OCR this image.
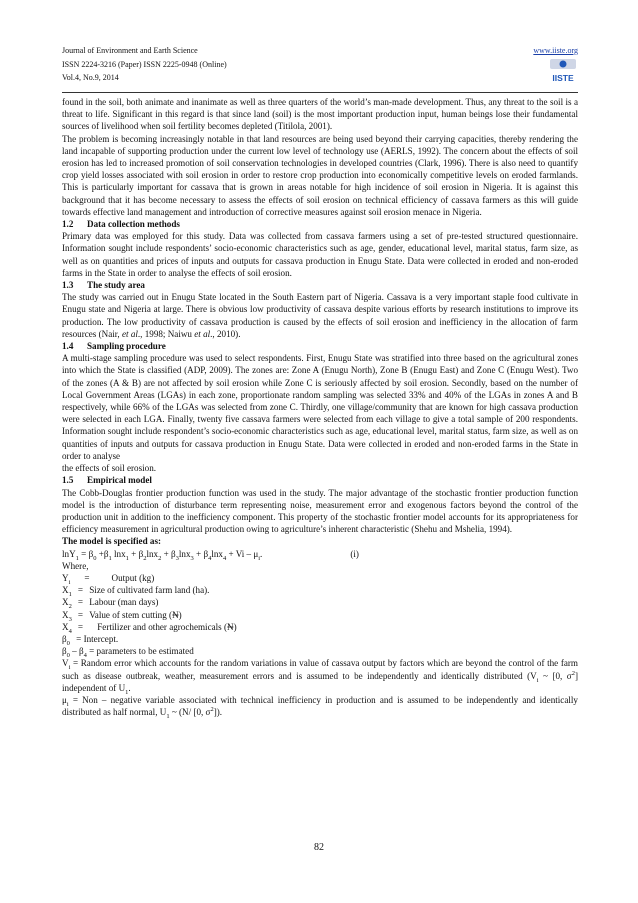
Journal of Environment and Earth Science
ISSN 2224-3216 (Paper) ISSN 2225-0948 (Online)
Vol.4, No.9, 2014
www.iiste.org
IISTE

found in the soil, both animate and inanimate as well as three quarters of the world’s man-made development. Thus, any threat to the soil is a threat to life. Significant in this regard is that since land (soil) is the most important production input, human beings lose their fundamental sources of livelihood when soil fertility becomes depleted (Titilola, 2001).

The problem is becoming increasingly notable in that land resources are being used beyond their carrying capacities, thereby rendering the land incapable of supporting production under the current low level of technology use (AERLS, 1992). The concern about the effects of soil erosion has led to increased promotion of soil conservation technologies in developed countries (Clark, 1996). There is also need to quantify crop yield losses associated with soil erosion in order to restore crop production into economically competitive levels on eroded farmlands. This is particularly important for cassava that is grown in areas notable for high incidence of soil erosion in Nigeria. It is against this background that it has become necessary to assess the effects of soil erosion on technical efficiency of cassava farmers as this will guide towards effective land management and introduction of corrective measures against soil erosion menace in Nigeria.

1.2 Data collection methods

Primary data was employed for this study. Data was collected from cassava farmers using a set of pre-tested structured questionnaire. Information sought include respondents’ socio-economic characteristics such as age, gender, educational level, marital status, farm size, as well as on quantities and prices of inputs and outputs for cassava production in Enugu State. Data were collected in eroded and non-eroded farms in the State in order to analyse the effects of soil erosion.

1.3 The study area

The study was carried out in Enugu State located in the South Eastern part of Nigeria. Cassava is a very important staple food cultivate in Enugu state and Nigeria at large. There is obvious low productivity of cassava despite various efforts by research institutions to improve its production. The low productivity of cassava production is caused by the effects of soil erosion and inefficiency in the allocation of farm resources (Nair, et al., 1998; Naiwu et al., 2010).

1.4 Sampling procedure

A multi-stage sampling procedure was used to select respondents. First, Enugu State was stratified into three based on the agricultural zones into which the State is classified (ADP, 2009). The zones are: Zone A (Enugu North), Zone B (Enugu East) and Zone C (Enugu West). Two of the zones (A & B) are not affected by soil erosion while Zone C is seriously affected by soil erosion. Secondly, based on the number of Local Government Areas (LGAs) in each zone, proportionate random sampling was selected 33% and 40% of the LGAs in zones A and B respectively, while 66% of the LGAs was selected from zone C. Thirdly, one village/community that are known for high cassava production were selected in each LGA. Finally, twenty five cassava farmers were selected from each village to give a total sample of 200 respondents. Information sought include respondent’s socio-economic characteristics such as age, educational level, marital status, farm size, as well as on quantities of inputs and outputs for cassava production in Enugu State. Data were collected in eroded and non-eroded farms in the State in order to analyse

the effects of soil erosion.

1.5 Empirical model

The Cobb-Douglas frontier production function was used in the study. The major advantage of the stochastic frontier production function model is the introduction of disturbance term representing noise, measurement error and exogenous factors beyond the control of the production unit in addition to the inefficiency component. This property of the stochastic frontier model accounts for its appropriateness for efficiency measurement in agricultural production owing to agriculture’s inherent characteristic (Shehu and Mshelia, 1994).

The model is specified as:

$\ln Y_1 = \beta_0 +\beta_1$ $\ln x_1 + \beta_2\ln x_2 + \beta_3\ln x_3 + \beta_4\ln x_4 + Vi - \mu_i$.	(i)

Where,

$Y_i$ = Output (kg)

$X_1$ = Size of cultivated farm land (ha).

$X_2$ = Labour (man days)

$X_3$ = Value of stem cutting (₦)

$X_4$ = Fertilizer and other agrochemicals (₦)

$\beta_0$ = Intercept.

$\beta_0 - \beta_4$ = parameters to be estimated

$V_i$ = Random error which accounts for the random variations in value of cassava output by factors which are beyond the control of the farm such as disease outbreak, weather, measurement errors and is assumed to be independently and identically distributed ($V_i$ ~ [0, $\sigma^2$] independent of $U_1$.

$\mu_i$ = Non – negative variable associated with technical inefficiency in production and is assumed to be independently and identically distributed as half normal, $U_1$ ~ (N/ [0, $\sigma^2$]).

82
